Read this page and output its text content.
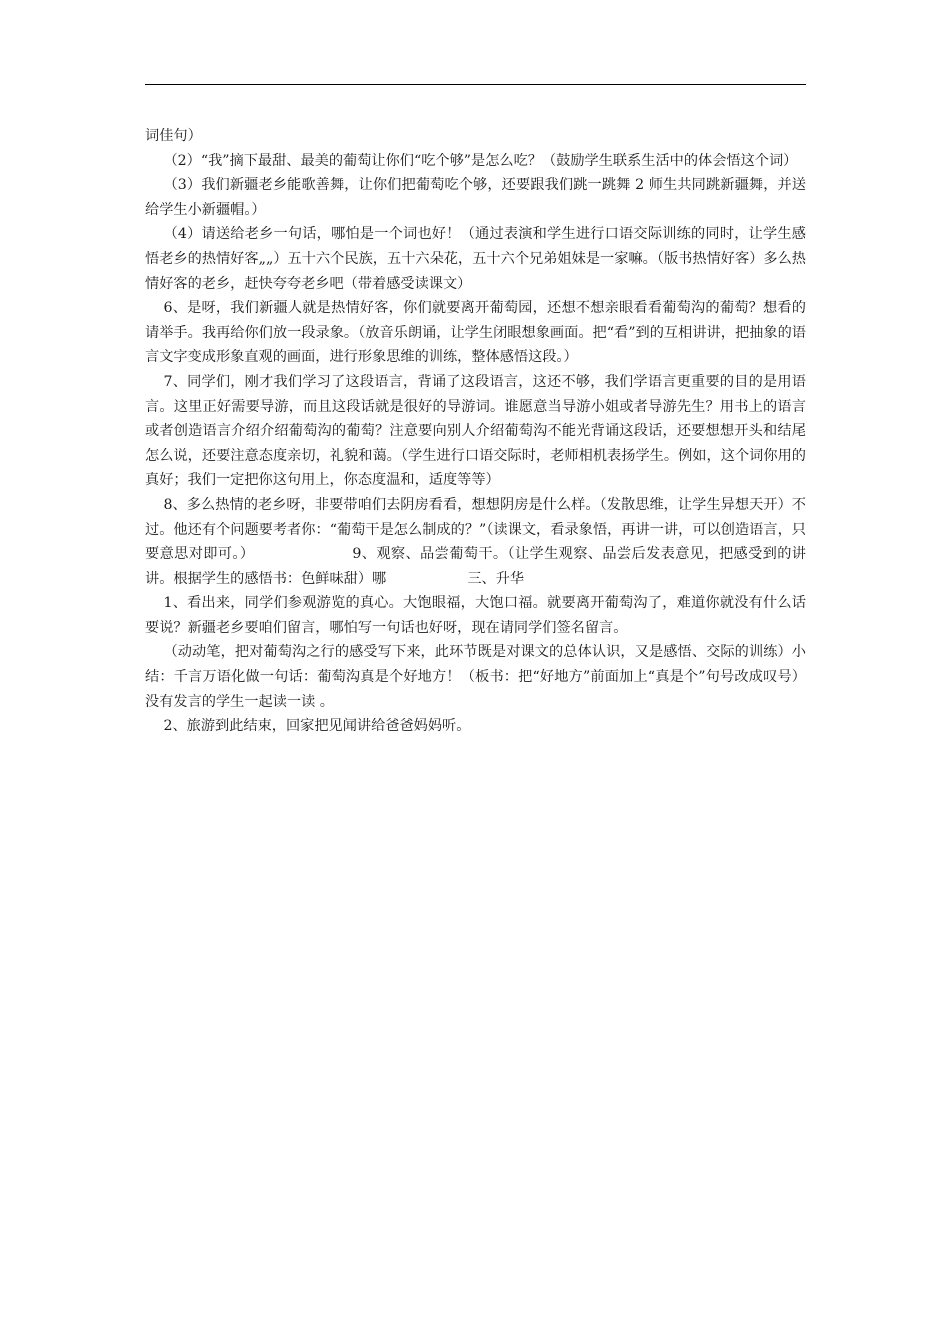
词佳句）

（2）“我”摘下最甜、最美的葡萄让你们“吃个够”是怎么吃？（鼓励学生联系生活中的体会悟这个词）

（3）我们新疆老乡能歌善舞，让你们把葡萄吃个够，还要跟我们跳一跳舞 2 师生共同跳新疆舞，并送给学生小新疆帽。）

（4）请送给老乡一句话，哪怕是一个词也好！（通过表演和学生进行口语交际训练的同时，让学生感悟老乡的热情好客„„）五十六个民族，五十六朵花，五十六个兄弟姐妹是一家嘛。（版书热情好客）多么热情好客的老乡，赶快夸夸老乡吧（带着感受读课文）

6、是呀，我们新疆人就是热情好客，你们就要离开葡萄园，还想不想亲眼看看葡萄沟的葡萄？想看的请举手。我再给你们放一段录象。（放音乐朗诵，让学生闭眼想象画面。把“看”到的互相讲讲，把抽象的语言文字变成形象直观的画面，进行形象思维的训练，整体感悟这段。）

7、同学们，刚才我们学习了这段语言，背诵了这段语言，这还不够，我们学语言更重要的目的是用语言。这里正好需要导游，而且这段话就是很好的导游词。谁愿意当导游小姐或者导游先生？用书上的语言或者创造语言介绍介绍葡萄沟的葡萄？注意要向别人介绍葡萄沟不能光背诵这段话，还要想想开头和结尾怎么说，还要注意态度亲切，礼貌和蔼。（学生进行口语交际时，老师相机表扬学生。例如，这个词你用的真好；我们一定把你这句用上，你态度温和，适度等等）

8、多么热情的老乡呀，非要带咱们去阴房看看，想想阴房是什么样。（发散思维，让学生异想天开）不过。他还有个问题要考者你：“葡萄干是怎么制成的？”（读课文，看录象悟，再讲一讲，可以创造语言，只要意思对即可。）                    9、观察、品尝葡萄干。（让学生观察、品尝后发表意见，把感受到的讲讲。根据学生的感悟书：色鲜味甜）哪                  三、升华

1、看出来，同学们参观游览的真心。大饱眼福，大饱口福。就要离开葡萄沟了，难道你就没有什么话要说？新疆老乡要咱们留言，哪怕写一句话也好呀，现在请同学们签名留言。

（动动笔，把对葡萄沟之行的感受写下来，此环节既是对课文的总体认识，又是感悟、交际的训练）小结：千言万语化做一句话：葡萄沟真是个好地方！（板书：把“好地方”前面加上“真是个”句号改成叹号）没有发言的学生一起读一读 。

2、旅游到此结束，回家把见闻讲给爸爸妈妈听。
